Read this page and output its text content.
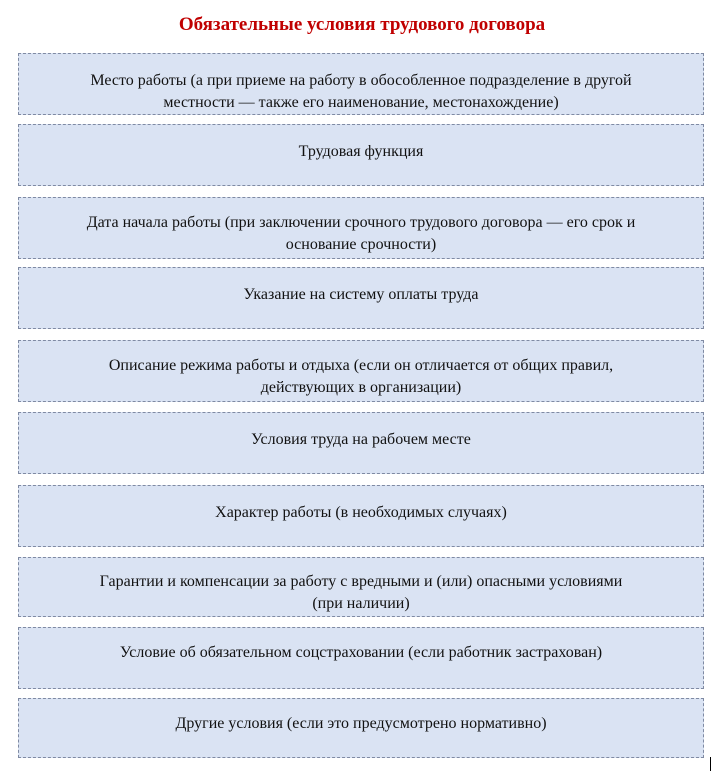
Обязательные условия трудового договора
Место работы (а при приеме на работу в обособленное подразделение в другой
местности — также его наименование, местонахождение)
Трудовая функция
Дата начала работы (при заключении срочного трудового договора — его срок и
основание срочности)
Указание на систему оплаты труда
Описание режима работы и отдыха (если он отличается от общих правил,
действующих в организации)
Условия труда на рабочем месте
Характер работы (в необходимых случаях)
Гарантии и компенсации за работу с вредными и (или) опасными условиями
(при наличии)
Условие об обязательном соцстраховании (если работник застрахован)
Другие условия (если это предусмотрено нормативно)
